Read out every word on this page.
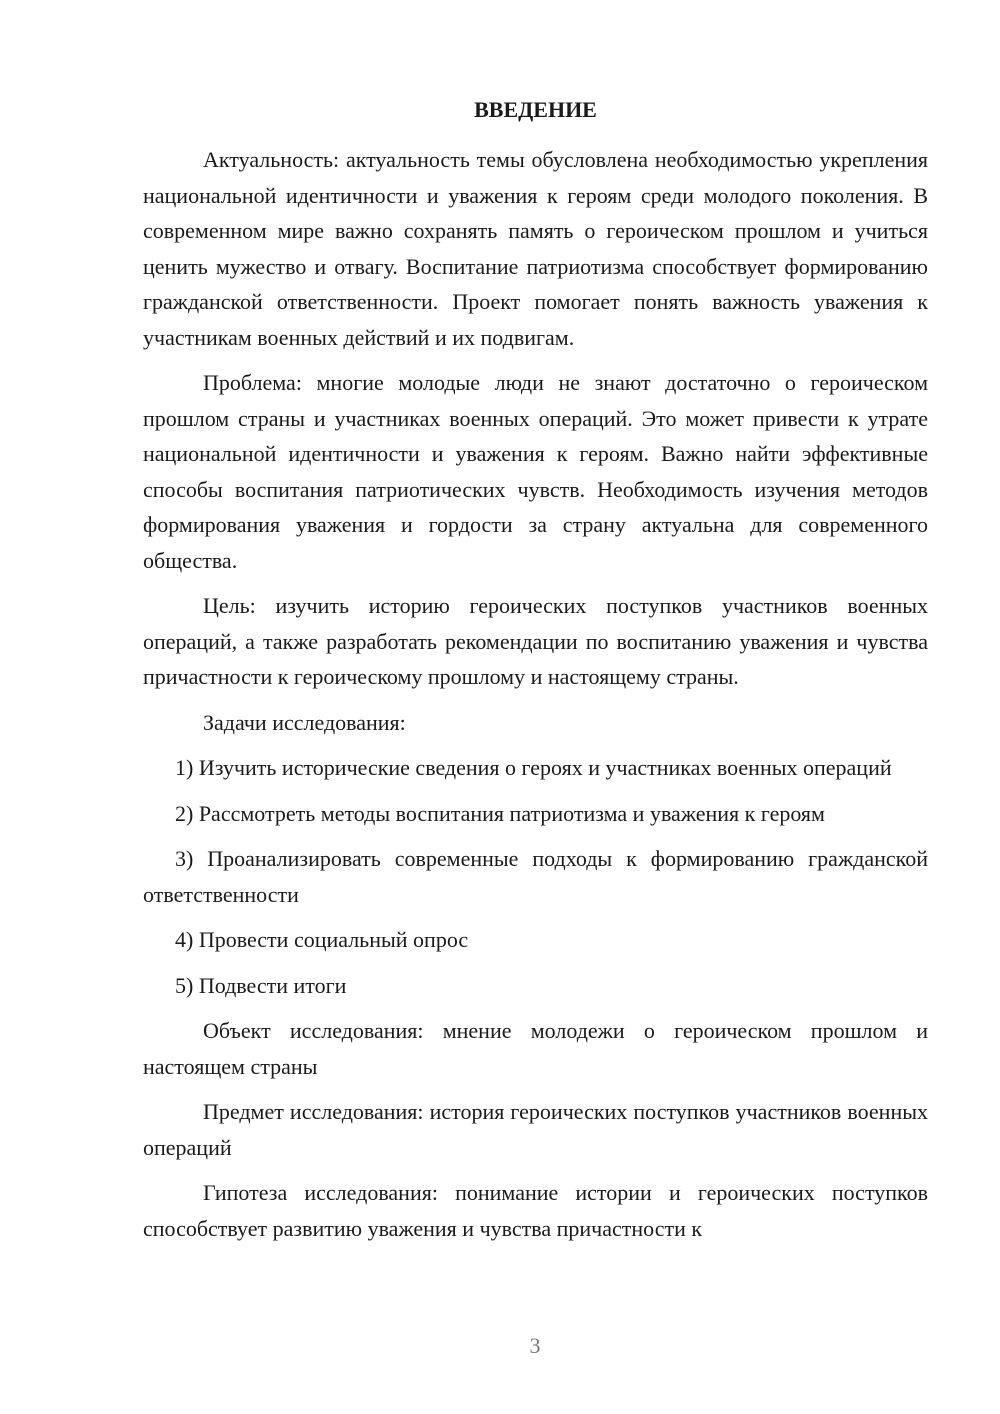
ВВЕДЕНИЕ

Актуальность: актуальность темы обусловлена необходимостью укрепления национальной идентичности и уважения к героям среди молодого поколения. В современном мире важно сохранять память о героическом прошлом и учиться ценить мужество и отвагу. Воспитание патриотизма способствует формированию гражданской ответственности. Проект помогает понять важность уважения к участникам военных действий и их подвигам.

Проблема: многие молодые люди не знают достаточно о героическом прошлом страны и участниках военных операций. Это может привести к утрате национальной идентичности и уважения к героям. Важно найти эффективные способы воспитания патриотических чувств. Необходимость изучения методов формирования уважения и гордости за страну актуальна для современного общества.

Цель: изучить историю героических поступков участников военных операций, а также разработать рекомендации по воспитанию уважения и чувства причастности к героическому прошлому и настоящему страны.

Задачи исследования:

1) Изучить исторические сведения о героях и участниках военных операций

2) Рассмотреть методы воспитания патриотизма и уважения к героям

3) Проанализировать современные подходы к формированию гражданской ответственности

4) Провести социальный опрос

5) Подвести итоги

Объект исследования: мнение молодежи о героическом прошлом и настоящем страны

Предмет исследования: история героических поступков участников военных операций

Гипотеза исследования: понимание истории и героических поступков способствует развитию уважения и чувства причастности к

3
